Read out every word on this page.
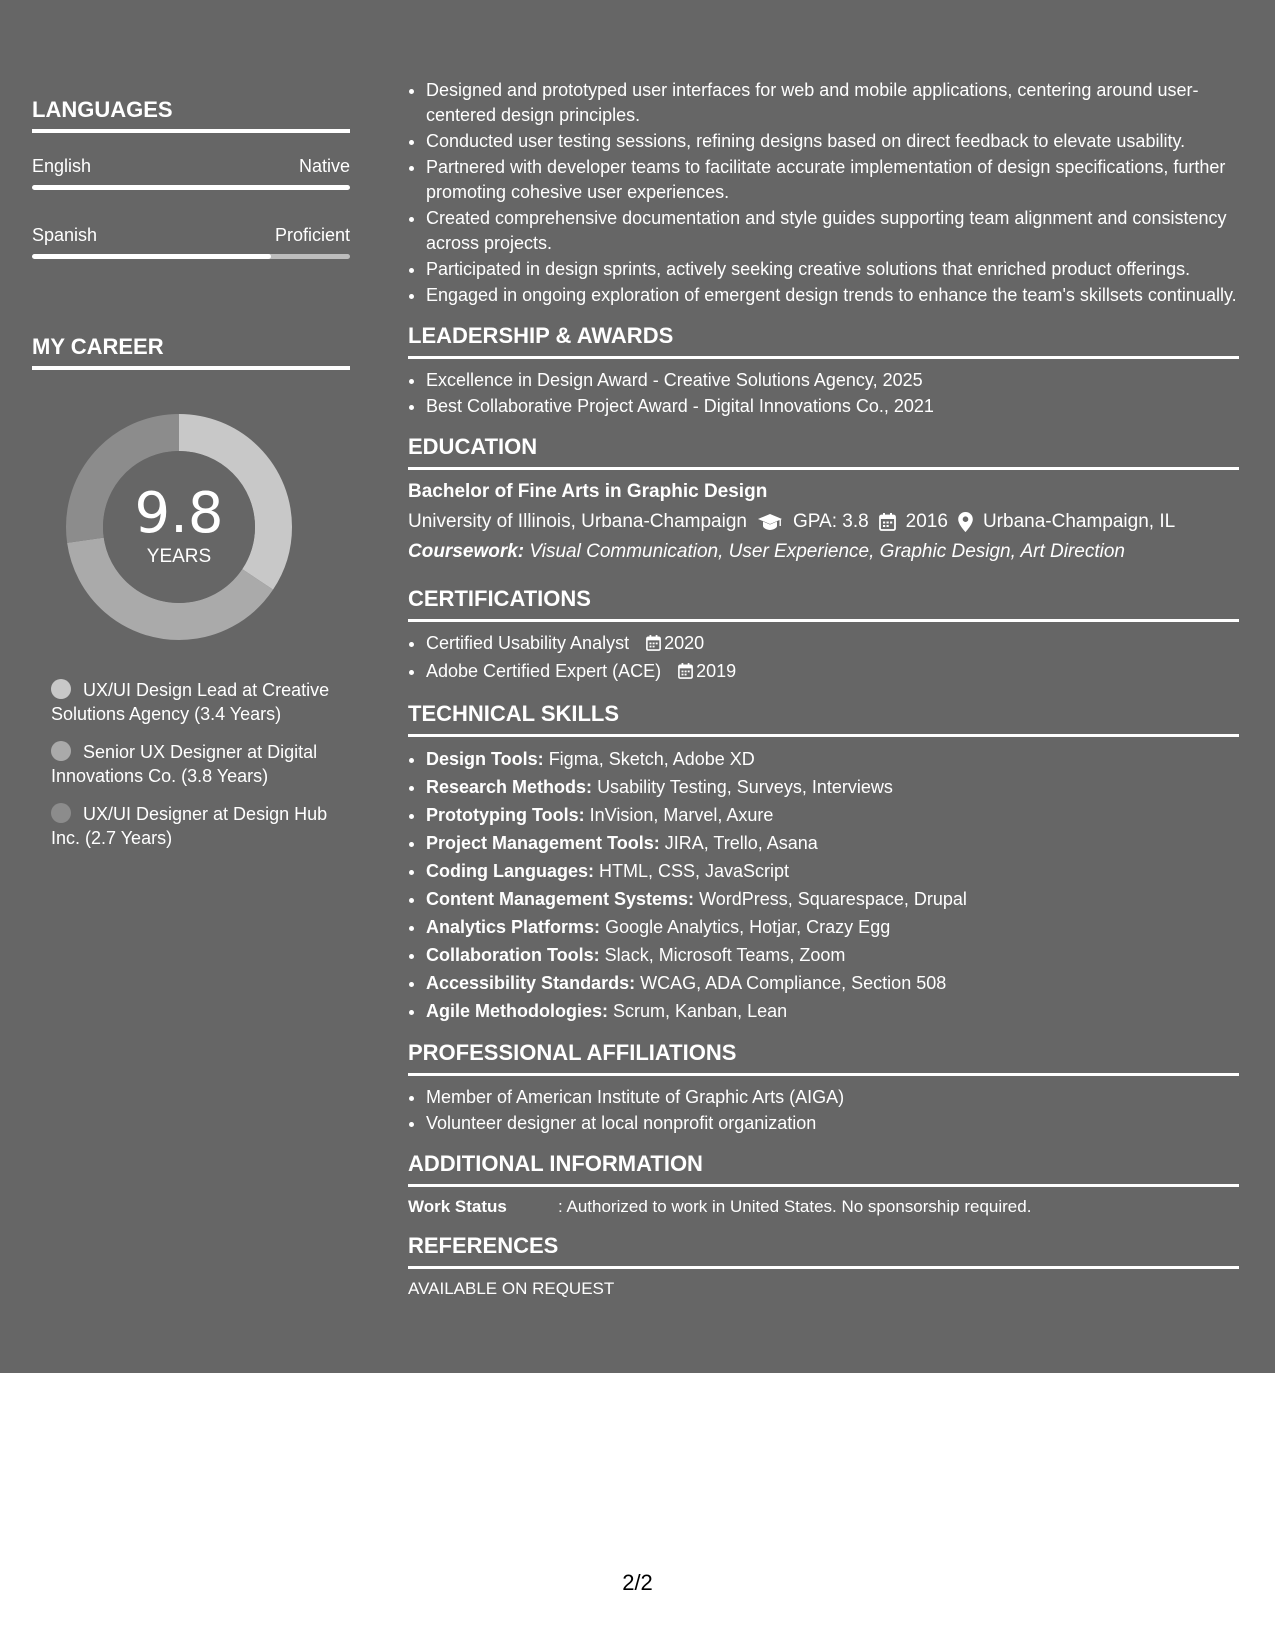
LANGUAGES
English	Native
Spanish	Proficient
MY CAREER
9.8
YEARS
UX/UI Design Lead at Creative Solutions Agency (3.4 Years)
Senior UX Designer at Digital Innovations Co. (3.8 Years)
UX/UI Designer at Design Hub Inc. (2.7 Years)
• Designed and prototyped user interfaces for web and mobile applications, centering around user-centered design principles.
• Conducted user testing sessions, refining designs based on direct feedback to elevate usability.
• Partnered with developer teams to facilitate accurate implementation of design specifications, further promoting cohesive user experiences.
• Created comprehensive documentation and style guides supporting team alignment and consistency across projects.
• Participated in design sprints, actively seeking creative solutions that enriched product offerings.
• Engaged in ongoing exploration of emergent design trends to enhance the team's skillsets continually.
LEADERSHIP & AWARDS
• Excellence in Design Award - Creative Solutions Agency, 2025
• Best Collaborative Project Award - Digital Innovations Co., 2021
EDUCATION
Bachelor of Fine Arts in Graphic Design
University of Illinois, Urbana-Champaign GPA: 3.8 2016 Urbana-Champaign, IL
Coursework: Visual Communication, User Experience, Graphic Design, Art Direction
CERTIFICATIONS
• Certified Usability Analyst 2020
• Adobe Certified Expert (ACE) 2019
TECHNICAL SKILLS
• Design Tools: Figma, Sketch, Adobe XD
• Research Methods: Usability Testing, Surveys, Interviews
• Prototyping Tools: InVision, Marvel, Axure
• Project Management Tools: JIRA, Trello, Asana
• Coding Languages: HTML, CSS, JavaScript
• Content Management Systems: WordPress, Squarespace, Drupal
• Analytics Platforms: Google Analytics, Hotjar, Crazy Egg
• Collaboration Tools: Slack, Microsoft Teams, Zoom
• Accessibility Standards: WCAG, ADA Compliance, Section 508
• Agile Methodologies: Scrum, Kanban, Lean
PROFESSIONAL AFFILIATIONS
• Member of American Institute of Graphic Arts (AIGA)
• Volunteer designer at local nonprofit organization
ADDITIONAL INFORMATION
Work Status	: Authorized to work in United States. No sponsorship required.
REFERENCES
AVAILABLE ON REQUEST
2/2
